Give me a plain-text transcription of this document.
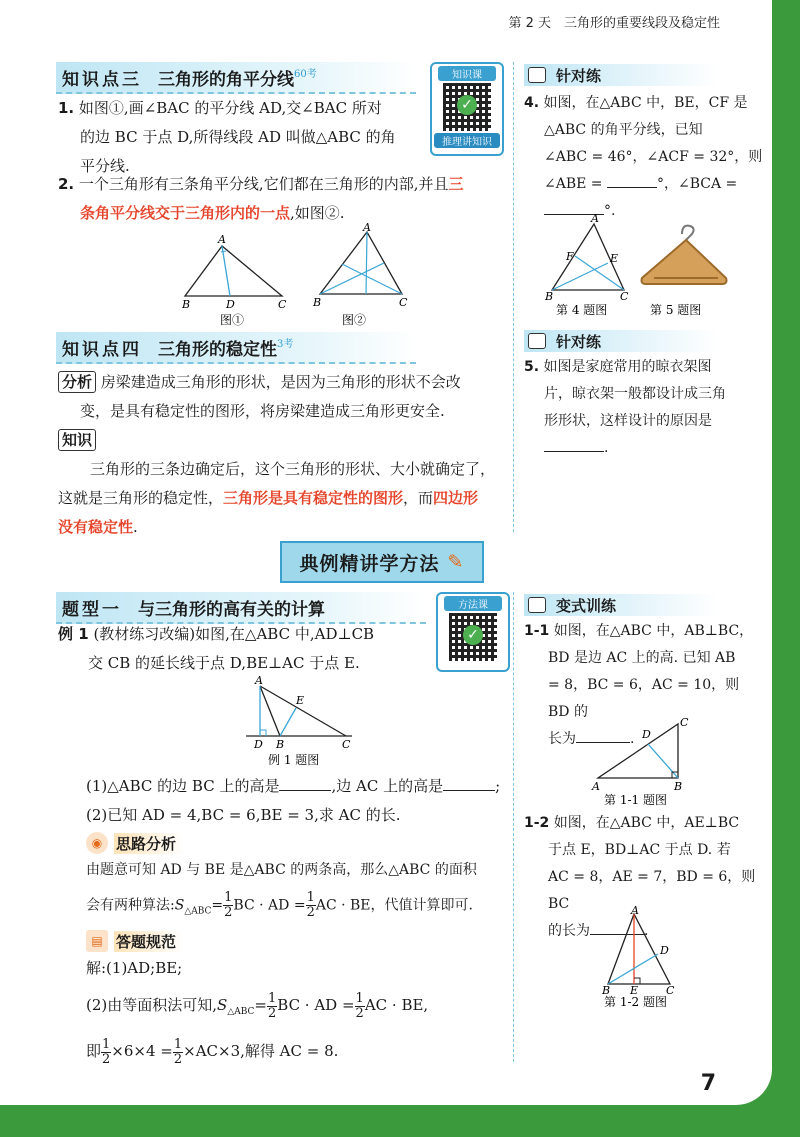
第 2 天　三角形的重要线段及稳定性
知识点三 三角形的角平分线 60考	知识课
✓
推理讲知识
1. 如图①,画∠BAC 的平分线 AD,交∠BAC 所对
的边 BC 于点 D,所得线段 AD 叫做△ABC 的角
平分线.
2. 一个三角形有三条角平分线,它们都在三角形的内部,并且三
条角平分线交于三角形内的一点,如图②.
A
B	D	C
图①
A
B	C
图②
知识点四 三角形的稳定性 3考
分析 房梁建造成三角形的形状，是因为三角形的形状不会改
变，是具有稳定性的图形，将房梁建造成三角形更安全.
知识
三角形的三条边确定后，这个三角形的形状、大小就确定了，
这就是三角形的稳定性，三角形是具有稳定性的图形，而四边形
没有稳定性.
针对练
4. 如图，在△ABC 中，BE，CF 是
△ABC 的角平分线，已知
∠ABC = 46°，∠ACF = 32°，则
∠ABE =	°，∠BCA =
°.
A
F	E
B	C
第 4 题图	第 5 题图
针对练
5. 如图是家庭常用的晾衣架图
片，晾衣架一般都设计成三角
形形状，这样设计的原因是
.
典例精讲学方法 ✎
题型一 与三角形的高有关的计算	方法课
✓
例 1 (教材练习改编)如图,在△ABC 中,AD⊥CB
交 CB 的延长线于点 D,BE⊥AC 于点 E.
A
E
D B	C
例 1 题图
(1)△ABC 的边 BC 上的高是	,边 AC 上的高是	;
(2)已知 AD = 4,BC = 6,BE = 3,求 AC 的长.
◉ 思路分析
由题意可知 AD 与 BE 是△ABC 的两条高，那么△ABC 的面积
会有两种算法$:S_{\triangle ABC}= \frac{1}{2}$ BC · AD = $\frac{1}{2}$ AC · BE，代值计算即可.
▤ 答题规范
解:(1)AD;BE;
(2)由等面积法可知$,S_{\triangle ABC}= \frac{1}{2}$ BC · AD = $\frac{1}{2}$ AC · BE,
即 $\frac{1}{2} \times 6\times 4 = \frac{1}{2} \times AC\times 3$,解得 AC = 8.
变式训练
1-1 如图，在△ABC 中，AB⊥BC，
BD 是边 AC 上的高. 已知 AB
= 8，BC = 6，AC = 10，则 BD 的
长为	.
C
D
A	B
第 1-1 题图
1-2 如图，在△ABC 中，AE⊥BC
于点 E，BD⊥AC 于点 D. 若
AC = 8，AE = 7，BD = 6，则 BC
的长为	.
A
D
B E	C
第 1-2 题图
7
